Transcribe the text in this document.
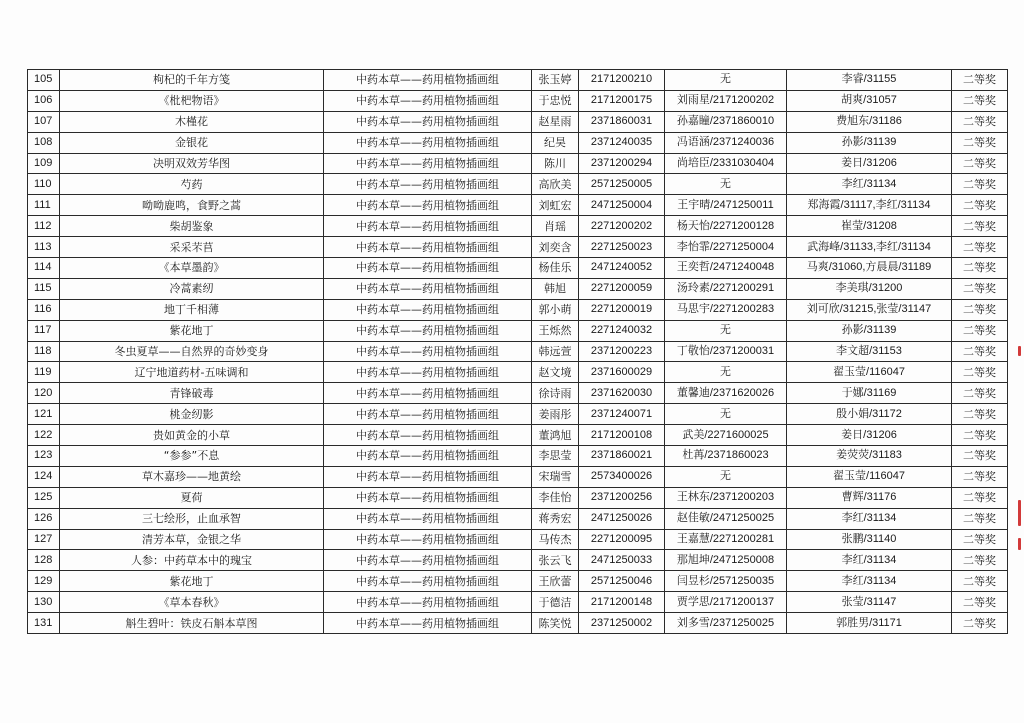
105	枸杞的千年方笺	中药本草——药用植物插画组	张玉婷	2171200210	无	李睿/31155	二等奖
106	《枇杷物语》	中药本草——药用植物插画组	于忠悦	2171200175	刘雨星/2171200202	胡爽/31057	二等奖
107	木槿花	中药本草——药用植物插画组	赵星雨	2371860031	孙嘉瞳/2371860010	费旭东/31186	二等奖
108	金银花	中药本草——药用植物插画组	纪昊	2371240035	冯语涵/2371240036	孙影/31139	二等奖
109	决明双效芳华图	中药本草——药用植物插画组	陈川	2371200294	尚培臣/2331030404	姜日/31206	二等奖
110	芍药	中药本草——药用植物插画组	高欣美	2571250005	无	李红/31134	二等奖
111	呦呦鹿鸣，食野之蒿	中药本草——药用植物插画组	刘虹宏	2471250004	王宇晴/2471250011	郑海霞/31117,李红/31134	二等奖
112	柴胡鉴象	中药本草——药用植物插画组	肖瑶	2271200202	杨天怡/2271200128	崔莹/31208	二等奖
113	采采芣苢	中药本草——药用植物插画组	刘奕含	2271250023	李怡霏/2271250004	武海峰/31133,李红/31134	二等奖
114	《本草墨韵》	中药本草——药用植物插画组	杨佳乐	2471240052	王奕哲/2471240048	马爽/31060,方晨晨/31189	二等奖
115	冷蒿素纫	中药本草——药用植物插画组	韩旭	2271200059	汤玲素/2271200291	李美琪/31200	二等奖
116	地丁千相薄	中药本草——药用植物插画组	郭小萌	2271200019	马思宇/2271200283	刘可欣/31215,张莹/31147	二等奖
117	紫花地丁	中药本草——药用植物插画组	王烁然	2271240032	无	孙影/31139	二等奖
118	冬虫夏草——自然界的奇妙变身	中药本草——药用植物插画组	韩远萱	2371200223	丁敬怡/2371200031	李文超/31153	二等奖
119	辽宁地道药材-五味调和	中药本草——药用植物插画组	赵文境	2371600029	无	翟玉莹/116047	二等奖
120	青锋破毒	中药本草——药用植物插画组	徐诗雨	2371620030	董馨迪/2371620026	于娜/31169	二等奖
121	桃金纫影	中药本草——药用植物插画组	姜雨彤	2371240071	无	殷小娟/31172	二等奖
122	贵如黄金的小草	中药本草——药用植物插画组	董鸿旭	2171200108	武美/2271600025	姜日/31206	二等奖
123	“参参”不息	中药本草——药用植物插画组	李思莹	2371860021	杜苒/2371860023	姜荧荧/31183	二等奖
124	草木嘉珍——地黄绘	中药本草——药用植物插画组	宋瑞雪	2573400026	无	翟玉莹/116047	二等奖
125	夏荷	中药本草——药用植物插画组	李佳怡	2371200256	王林东/2371200203	曹辉/31176	二等奖
126	三七绘形，止血承智	中药本草——药用植物插画组	蒋秀宏	2471250026	赵佳敏/2471250025	李红/31134	二等奖
127	清芳本草，金银之华	中药本草——药用植物插画组	马传杰	2271200095	王嘉慧/2271200281	张鹏/31140	二等奖
128	人参：中药草本中的瑰宝	中药本草——药用植物插画组	张云飞	2471250033	那旭坤/2471250008	李红/31134	二等奖
129	紫花地丁	中药本草——药用植物插画组	王欣蕾	2571250046	闫昱杉/2571250035	李红/31134	二等奖
130	《草本春秋》	中药本草——药用植物插画组	于德洁	2171200148	贾学思/2171200137	张莹/31147	二等奖
131	斛生碧叶：铁皮石斛本草图	中药本草——药用植物插画组	陈笑悦	2371250002	刘多雪/2371250025	郭胜男/31171	二等奖
